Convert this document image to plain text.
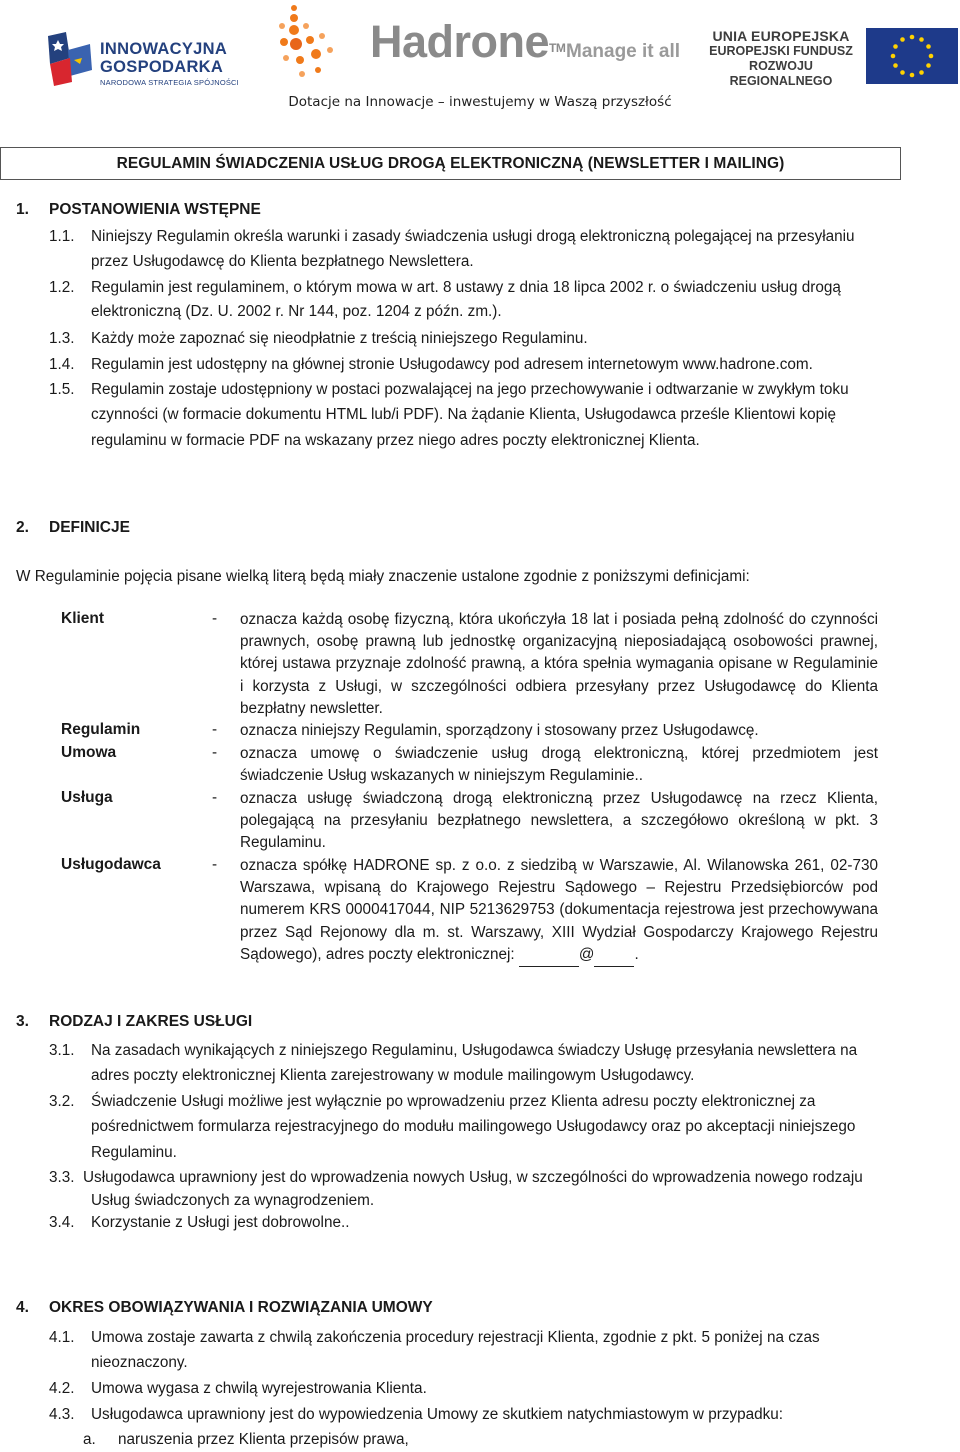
INNOWACYJNA
GOSPODARKA
NARODOWA STRATEGIA SPÓJNOŚCI
Hadrone™ Manage it all
UNIA EUROPEJSKA
EUROPEJSKI FUNDUSZ
ROZWOJU REGIONALNEGO
Dotacje na Innowacje – inwestujemy w Waszą przyszłość
REGULAMIN ŚWIADCZENIA USŁUG DROGĄ ELEKTRONICZNĄ (NEWSLETTER I MAILING)
1. POSTANOWIENIA WSTĘPNE
1.1. Niniejszy Regulamin określa warunki i zasady świadczenia usługi drogą elektroniczną polegającej na przesyłaniu
przez Usługodawcę do Klienta bezpłatnego Newslettera.
1.2. Regulamin jest regulaminem, o którym mowa w art. 8 ustawy z dnia 18 lipca 2002 r. o świadczeniu usług drogą
elektroniczną (Dz. U. 2002 r. Nr 144, poz. 1204 z późn. zm.).
1.3. Każdy może zapoznać się nieodpłatnie z treścią niniejszego Regulaminu.
1.4. Regulamin jest udostępny na głównej stronie Usługodawcy pod adresem internetowym www.hadrone.com.
1.5. Regulamin zostaje udostępniony w postaci pozwalającej na jego przechowywanie i odtwarzanie w zwykłym toku
czynności (w formacie dokumentu HTML lub/i PDF). Na żądanie Klienta, Usługodawca prześle Klientowi kopię
regulaminu w formacie PDF na wskazany przez niego adres poczty elektronicznej Klienta.
2. DEFINICJE
W Regulaminie pojęcia pisane wielką literą będą miały znaczenie ustalone zgodnie z poniższymi definicjami:
Klient	- oznacza każdą osobę fizyczną, która ukończyła 18 lat i posiada pełną zdolność do czynności prawnych, osobę prawną lub jednostkę organizacyjną nieposiadającą osobowości prawnej, której ustawa przyznaje zdolność prawną, a która spełnia wymagania opisane w Regulaminie i korzysta z Usługi, w szczególności odbiera przesyłany przez Usługodawcę do Klienta bezpłatny newsletter.
Regulamin	- oznacza niniejszy Regulamin, sporządzony i stosowany przez Usługodawcę.
Umowa	- oznacza umowę o świadczenie usług drogą elektroniczną, której przedmiotem jest świadczenie Usług wskazanych w niniejszym Regulaminie..
Usługa	- oznacza usługę świadczoną drogą elektroniczną przez Usługodawcę na rzecz Klienta, polegającą na przesyłaniu bezpłatnego newslettera, a szczegółowo określoną w pkt. 3 Regulaminu.
Usługodawca	- oznacza spółkę HADRONE sp. z o.o. z siedzibą w Warszawie, Al. Wilanowska 261, 02-730 Warszawa, wpisaną do Krajowego Rejestru Sądowego – Rejestru Przedsiębiorców pod numerem KRS 0000417044, NIP 5213629753 (dokumentacja rejestrowa jest przechowywana przez Sąd Rejonowy dla m. st. Warszawy, XIII Wydział Gospodarczy Krajowego Rejestru Sądowego), adres poczty elektronicznej:	@	.
3. RODZAJ I ZAKRES USŁUGI
3.1. Na zasadach wynikających z niniejszego Regulaminu, Usługodawca świadczy Usługę przesyłania newslettera na
adres poczty elektronicznej Klienta zarejestrowany w module mailingowym Usługodawcy.
3.2. Świadczenie Usługi możliwe jest wyłącznie po wprowadzeniu przez Klienta adresu poczty elektronicznej za
pośrednictwem formularza rejestracyjnego do modułu mailingowego Usługodawcy oraz po akceptacji niniejszego
Regulaminu.
3.3. Usługodawca uprawniony jest do wprowadzenia nowych Usług, w szczególności do wprowadzenia nowego rodzaju
Usług świadczonych za wynagrodzeniem.
3.4. Korzystanie z Usługi jest dobrowolne..
4. OKRES OBOWIĄZYWANIA I ROZWIĄZANIA UMOWY
4.1. Umowa zostaje zawarta z chwilą zakończenia procedury rejestracji Klienta, zgodnie z pkt. 5 poniżej na czas
nieoznaczony.
4.2. Umowa wygasa z chwilą wyrejestrowania Klienta.
4.3. Usługodawca uprawniony jest do wypowiedzenia Umowy ze skutkiem natychmiastowym w przypadku:
a. naruszenia przez Klienta przepisów prawa,
